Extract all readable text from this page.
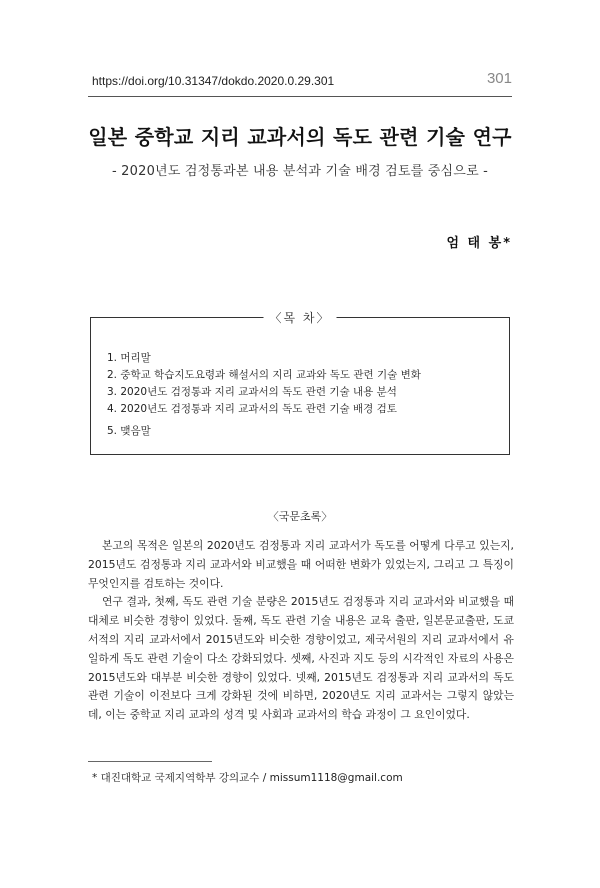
https://doi.org/10.31347/dokdo.2020.0.29.301	301
일본 중학교 지리 교과서의 독도 관련 기술 연구
- 2020년도 검정통과본 내용 분석과 기술 배경 검토를 중심으로 -
엄 태 봉*
〈목 차〉
1. 머리말
2. 중학교 학습지도요령과 해설서의 지리 교과와 독도 관련 기술 변화
3. 2020년도 검정통과 지리 교과서의 독도 관련 기술 내용 분석
4. 2020년도 검정통과 지리 교과서의 독도 관련 기술 배경 검토
5. 맺음말
〈국문초록〉

본고의 목적은 일본의 2020년도 검정통과 지리 교과서가 독도를 어떻게 다루고 있는지, 2015년도 검정통과 지리 교과서와 비교했을 때 어떠한 변화가 있었는지, 그리고 그 특징이 무엇인지를 검토하는 것이다.

연구 결과, 첫째, 독도 관련 기술 분량은 2015년도 검정통과 지리 교과서와 비교했을 때 대체로 비슷한 경향이 있었다. 둘째, 독도 관련 기술 내용은 교육 출판, 일본문교출판, 도쿄서적의 지리 교과서에서 2015년도와 비슷한 경향이었고, 제국서원의 지리 교과서에서 유일하게 독도 관련 기술이 다소 강화되었다. 셋째, 사진과 지도 등의 시각적인 자료의 사용은 2015년도와 대부분 비슷한 경향이 있었다. 넷째, 2015년도 검정통과 지리 교과서의 독도 관련 기술이 이전보다 크게 강화된 것에 비하면, 2020년도 지리 교과서는 그렇지 않았는데, 이는 중학교 지리 교과의 성격 및 사회과 교과서의 학습 과정이 그 요인이었다.

* 대진대학교 국제지역학부 강의교수 / missum1118@gmail.com
